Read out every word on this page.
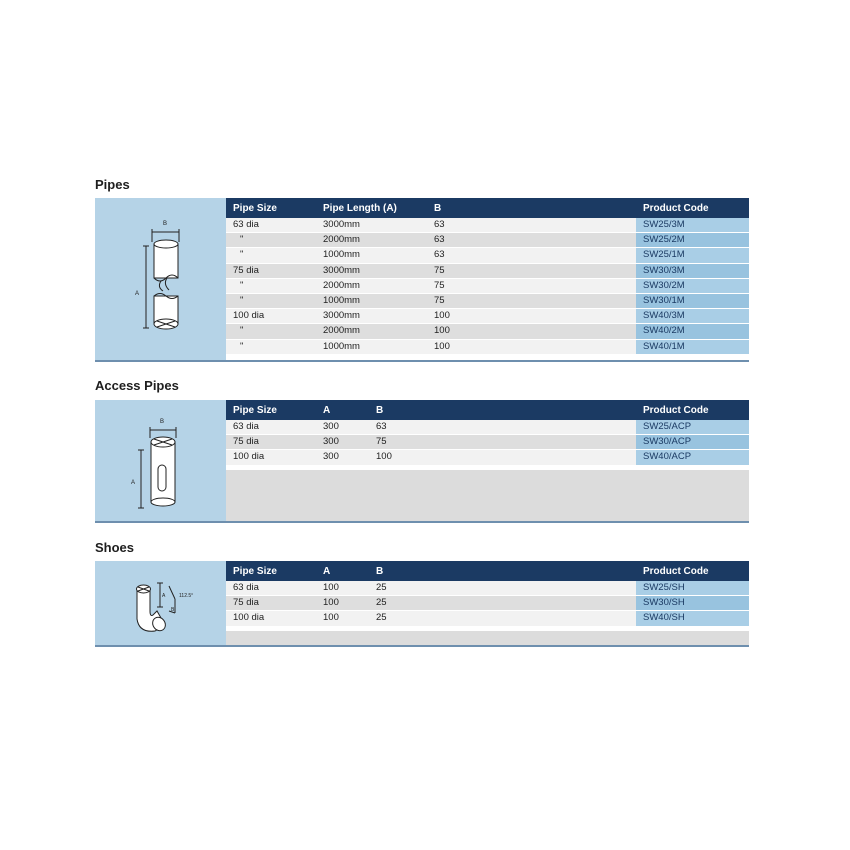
Pipes
B
A
Pipe Size	Pipe Length (A)	B	Product Code
63 dia	3000mm	63	SW25/3M
"	2000mm	63	SW25/2M
"	1000mm	63	SW25/1M
75 dia	3000mm	75	SW30/3M
"	2000mm	75	SW30/2M
"	1000mm	75	SW30/1M
100 dia	3000mm	100	SW40/3M
"	2000mm	100	SW40/2M
"	1000mm	100	SW40/1M
Access Pipes
B
A
Pipe Size	A	B	Product Code
63 dia	300	63	SW25/ACP
75 dia	300	75	SW30/ACP
100 dia	300	100	SW40/ACP
Shoes
A
B
112.5°
Pipe Size	A	B	Product Code
63 dia	100	25	SW25/SH
75 dia	100	25	SW30/SH
100 dia	100	25	SW40/SH
